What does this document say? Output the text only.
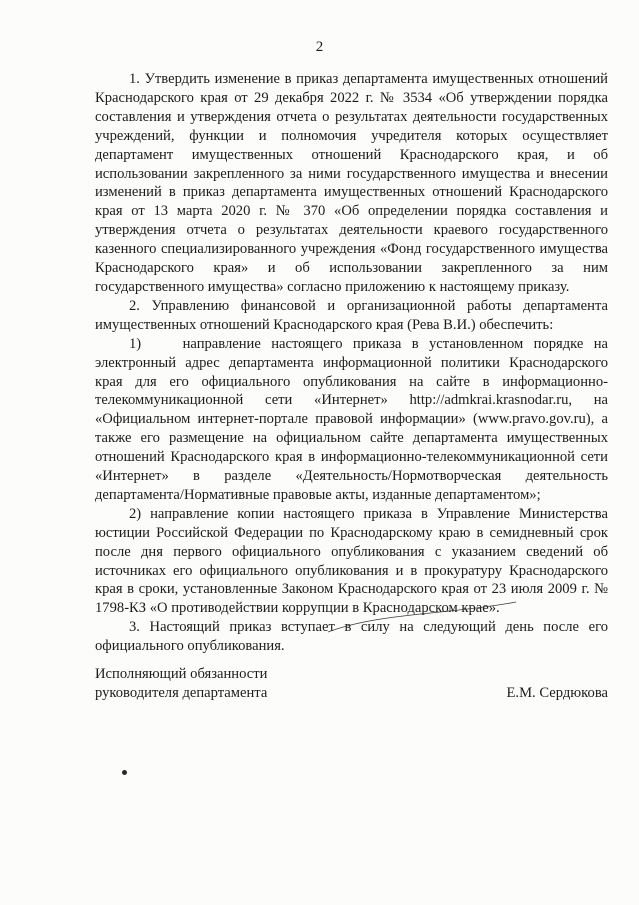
2

1. Утвердить изменение в приказ департамента имущественных отношений Краснодарского края от 29 декабря 2022 г. № 3534 «Об утверждении порядка составления и утверждения отчета о результатах деятельности государственных учреждений, функции и полномочия учредителя которых осуществляет департамент имущественных отношений Краснодарского края, и об использовании закрепленного за ними государственного имущества и внесении изменений в приказ департамента имущественных отношений Краснодарского края от 13 марта 2020 г. № 370 «Об определении порядка составления и утверждения отчета о результатах деятельности краевого государственного казенного специализированного учреждения «Фонд государственного имущества Краснодарского края» и об использовании закрепленного за ним государственного имущества» согласно приложению к настоящему приказу.

2. Управлению финансовой и организационной работы департамента имущественных отношений Краснодарского края (Рева В.И.) обеспечить:

1)    направление настоящего приказа в установленном порядке на электронный адрес департамента информационной политики Краснодарского края для его официального опубликования на сайте в информационно-телекоммуникационной сети «Интернет» http://admkrai.krasnodar.ru, на «Официальном интернет-портале правовой информации» (www.pravo.gov.ru), а также его размещение на официальном сайте департамента имущественных отношений Краснодарского края в информационно-телекоммуникационной сети «Интернет» в разделе «Деятельность/Нормотворческая деятельность департамента/Нормативные правовые акты, изданные департаментом»;

2) направление копии настоящего приказа в Управление Министерства юстиции Российской Федерации по Краснодарскому краю в семидневный срок после дня первого официального опубликования с указанием сведений об источниках его официального опубликования и в прокуратуру Краснодарского края в сроки, установленные Законом Краснодарского края от 23 июля 2009 г. № 1798-КЗ «О противодействии коррупции в Краснодарском крае».

3. Настоящий приказ вступает в силу на следующий день после его официального опубликования.

Исполняющий обязанности
руководителя департамента	Е.М. Сердюкова
